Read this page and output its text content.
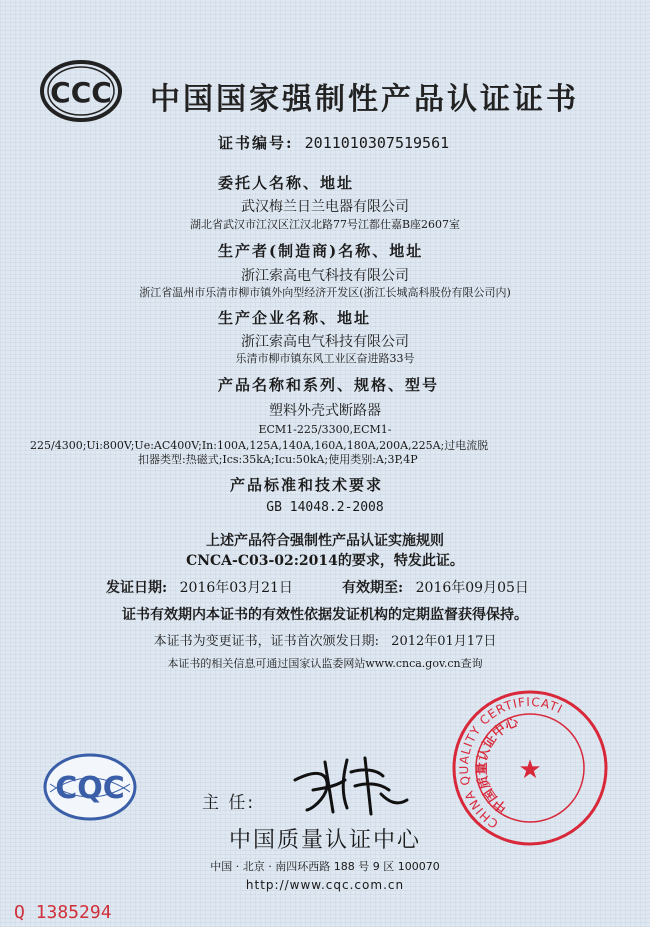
CCC 中国国家强制性产品认证证书
证书编号: 2011010307519561
委托人名称、地址
武汉梅兰日兰电器有限公司
湖北省武汉市江汉区江汉北路77号江都仕嘉B座2607室
生产者(制造商)名称、地址
浙江索高电气科技有限公司
浙江省温州市乐清市柳市镇外向型经济开发区(浙江长城高科股份有限公司内)
生产企业名称、地址
浙江索高电气科技有限公司
乐清市柳市镇东风工业区奋进路33号
产品名称和系列、规格、型号
塑料外壳式断路器
ECM1-225/3300,ECM1-
225/4300;Ui:800V;Ue:AC400V;In:100A,125A,140A,160A,180A,200A,225A;过电流脱
扣器类型:热磁式;Ics:35kA;Icu:50kA;使用类别:A;3P,4P
产品标准和技术要求
GB 14048.2-2008
上述产品符合强制性产品认证实施规则
CNCA-C03-02:2014的要求，特发此证。
发证日期: 2016年03月21日	有效期至: 2016年09月05日
证书有效期内本证书的有效性依据发证机构的定期监督获得保持。
本证书为变更证书，证书首次颁发日期: 2012年01月17日
本证书的相关信息可通过国家认监委网站www.cnca.gov.cn查询
CQC	主 任:
CHINA QUALITY CERTIFICATION
中国质量认证中心
★
中国质量认证中心
中国 · 北京 · 南四环西路 188 号 9 区 100070
http://www.cqc.com.cn
Q 1385294
